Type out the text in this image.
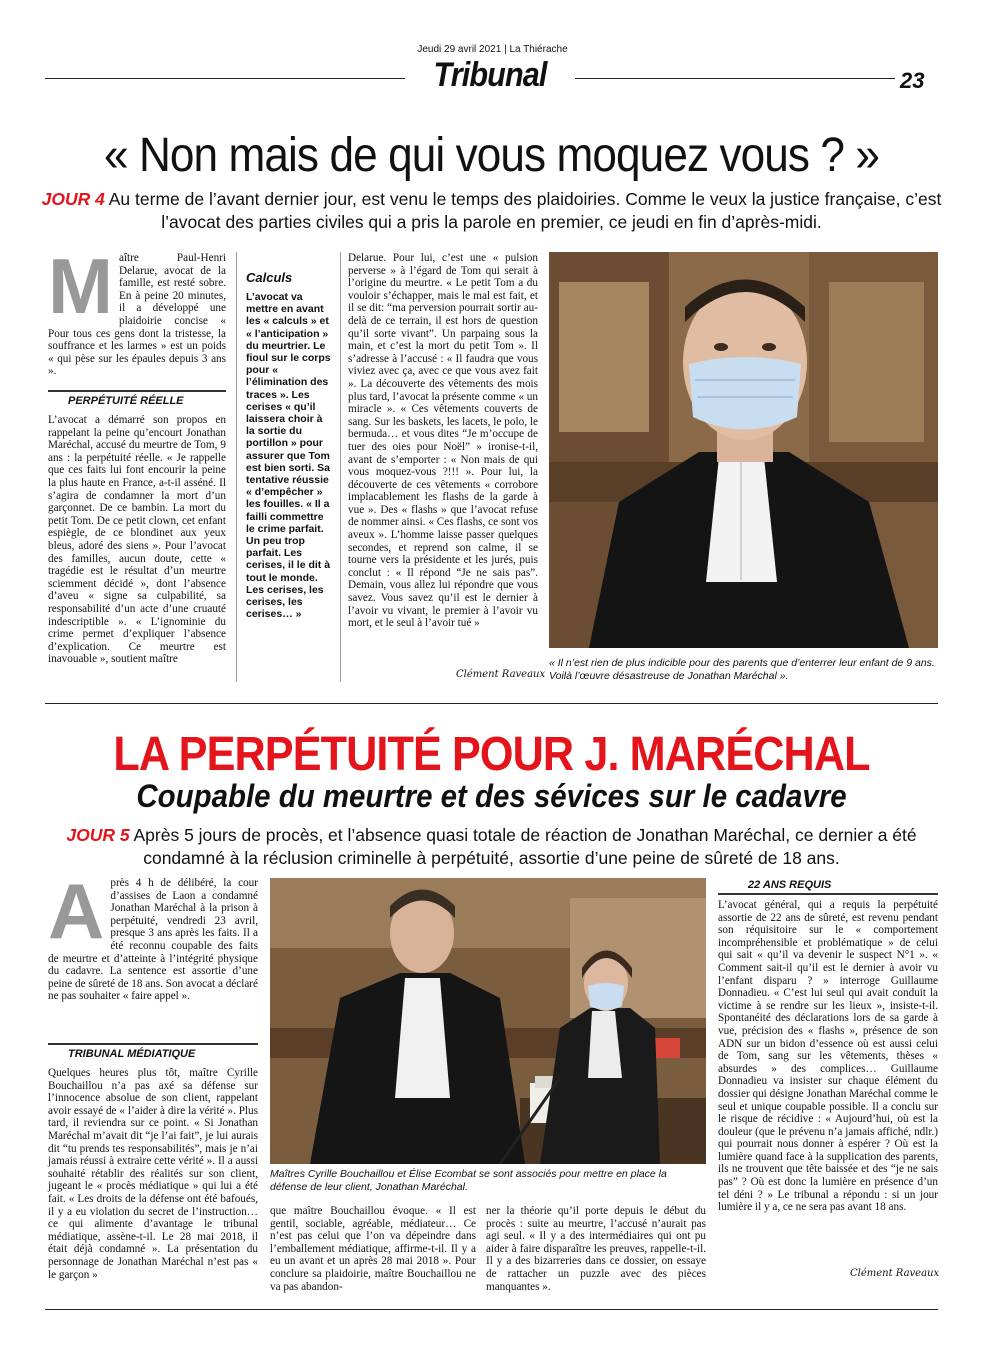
Jeudi 29 avril 2021 | La Thiérache
Tribunal	23
« Non mais de qui vous moquez vous ? »
JOUR 4 Au terme de l’avant dernier jour, est venu le temps des plaidoiries. Comme le veux la justice française, c’est l’avocat des parties civiles qui a pris la parole en premier, ce jeudi en fin d’après-midi.
M aître Paul-Henri Delarue, avocat de la famille, est resté sobre. En à peine 20 minutes, il a développé une plaidoirie concise « Pour tous ces gens dont la tristesse, la souffrance et les larmes » est un poids « qui pèse sur les épaules depuis 3 ans ».

PERPÉTUITÉ RÉELLE

L’avocat a démarré son propos en rappelant la peine qu’encourt Jonathan Maréchal, accusé du meurtre de Tom, 9 ans : la perpétuité réelle. « Je rappelle que ces faits lui font encourir la peine la plus haute en France, a-t-il asséné. Il s’agira de condamner la mort d’un garçonnet. De ce bambin. La mort du petit Tom. De ce petit clown, cet enfant espiègle, de ce blondinet aux yeux bleus, adoré des siens ». Pour l’avocat des familles, aucun doute, cette « tragédie est le résultat d’un meurtre sciemment décidé », dont l’absence d’aveu « signe sa culpabilité, sa responsabilité d’un acte d’une cruauté indescriptible ». « L’ignominie du crime permet d’expliquer l’absence d’explication. Ce meurtre est inavouable », soutient maître

Calculs
L’avocat va mettre en avant les « calculs » et « l’anticipation » du meurtrier. Le fioul sur le corps pour « l’élimination des traces ». Les cerises « qu’il laissera choir à la sortie du portillon » pour assurer que Tom est bien sorti. Sa tentative réussie « d’empêcher » les fouilles. « Il a failli commettre le crime parfait. Un peu trop parfait. Les cerises, il le dit à tout le monde. Les cerises, les cerises, les cerises… »

Delarue. Pour lui, c’est une « pulsion perverse » à l’égard de Tom qui serait à l’origine du meurtre. « Le petit Tom a du vouloir s’échapper, mais le mal est fait, et il se dit: “ma perversion pourrait sortir au-delà de ce terrain, il est hors de question qu’il sorte vivant”. Un parpaing sous la main, et c’est la mort du petit Tom ». Il s’adresse à l’accusé : « Il faudra que vous viviez avec ça, avec ce que vous avez fait ». La découverte des vêtements des mois plus tard, l’avocat la présente comme « un miracle ». « Ces vêtements couverts de sang. Sur les baskets, les lacets, le polo, le bermuda… et vous dites “Je m’occupe de tuer des oies pour Noël” » ironise-t-il, avant de s’emporter : « Non mais de qui vous moquez-vous ?!!! ». Pour lui, la découverte de ces vêtements « corrobore implacablement les flashs de la garde à vue ». Des « flashs » que l’avocat refuse de nommer ainsi. « Ces flashs, ce sont vos aveux ». L’homme laisse passer quelques secondes, et reprend son calme, il se tourne vers la présidente et les jurés, puis conclut : « Il répond “Je ne sais pas”. Demain, vous allez lui répondre que vous savez. Vous savez qu’il est le dernier à l’avoir vu vivant, le premier à l’avoir vu mort, et le seul à l’avoir tué »

Clément Raveaux
« Il n’est rien de plus indicible pour des parents que d’enterrer leur enfant de 9 ans. Voilà l’œuvre désastreuse de Jonathan Maréchal ».
LA PERPÉTUITÉ POUR J. MARÉCHAL
Coupable du meurtre et des sévices sur le cadavre
JOUR 5 Après 5 jours de procès, et l’absence quasi totale de réaction de Jonathan Maréchal, ce dernier a été condamné à la réclusion criminelle à perpétuité, assortie d’une peine de sûreté de 18 ans.
A près 4 h de délibéré, la cour d’assises de Laon a condamné Jonathan Maréchal à la prison à perpétuité, vendredi 23 avril, presque 3 ans après les faits. Il a été reconnu coupable des faits de meurtre et d’atteinte à l’intégrité physique du cadavre. La sentence est assortie d’une peine de sûreté de 18 ans. Son avocat a déclaré ne pas souhaiter « faire appel ».

TRIBUNAL MÉDIATIQUE

Quelques heures plus tôt, maître Cyrille Bouchaillou n’a pas axé sa défense sur l’innocence absolue de son client, rappelant avoir essayé de « l’aider à dire la vérité ». Plus tard, il reviendra sur ce point. « Si Jonathan Maréchal m’avait dit “je l’ai fait”, je lui aurais dit “tu prends tes responsabilités”, mais je n’ai jamais réussi à extraire cette vérité ». Il a aussi souhaité rétablir des réalités sur son client, jugeant le « procès médiatique » qui lui a été fait. « Les droits de la défense ont été bafoués, il y a eu violation du secret de l’instruction… ce qui alimente d’avantage le tribunal médiatique, assène-t-il. Le 28 mai 2018, il était déjà condamné ». La présentation du personnage de Jonathan Maréchal n’est pas « le garçon »

Maîtres Cyrille Bouchaillou et Élise Ecombat se sont associés pour mettre en place la défense de leur client, Jonathan Maréchal.

que maître Bouchaillou évoque. « Il est gentil, sociable, agréable, médiateur… Ce n’est pas celui que l’on va dépeindre dans l’emballement médiatique, affirme-t-il. Il y a eu un avant et un après 28 mai 2018 ». Pour conclure sa plaidoirie, maître Bouchaillou ne va pas abandon-

ner la théorie qu’il porte depuis le début du procès : suite au meurtre, l’accusé n’aurait pas agi seul. « Il y a des intermédiaires qui ont pu aider à faire disparaître les preuves, rappelle-t-il. Il y a des bizarreries dans ce dossier, on essaye de rattacher un puzzle avec des pièces manquantes ».

22 ANS REQUIS

L’avocat général, qui a requis la perpétuité assortie de 22 ans de sûreté, est revenu pendant son réquisitoire sur le « comportement incompréhensible et problématique » de celui qui sait « qu’il va devenir le suspect N°1 ». « Comment sait-il qu’il est le dernier à avoir vu l’enfant disparu ? » interroge Guillaume Donnadieu. « C’est lui seul qui avait conduit la victime à se rendre sur les lieux », insiste-t-il. Spontanéité des déclarations lors de sa garde à vue, précision des « flashs », présence de son ADN sur un bidon d’essence où est aussi celui de Tom, sang sur les vêtements, thèses « absurdes » des complices… Guillaume Donnadieu va insister sur chaque élément du dossier qui désigne Jonathan Maréchal comme le seul et unique coupable possible. Il a conclu sur le risque de récidive : « Aujourd’hui, où est la douleur (que le prévenu n’a jamais affiché, ndlr.) qui pourrait nous donner à espérer ? Où est la lumière quand face à la supplication des parents, ils ne trouvent que tête baissée et des “je ne sais pas” ? Où est donc la lumière en présence d’un tel déni ? » Le tribunal a répondu : si un jour lumière il y a, ce ne sera pas avant 18 ans.

Clément Raveaux
